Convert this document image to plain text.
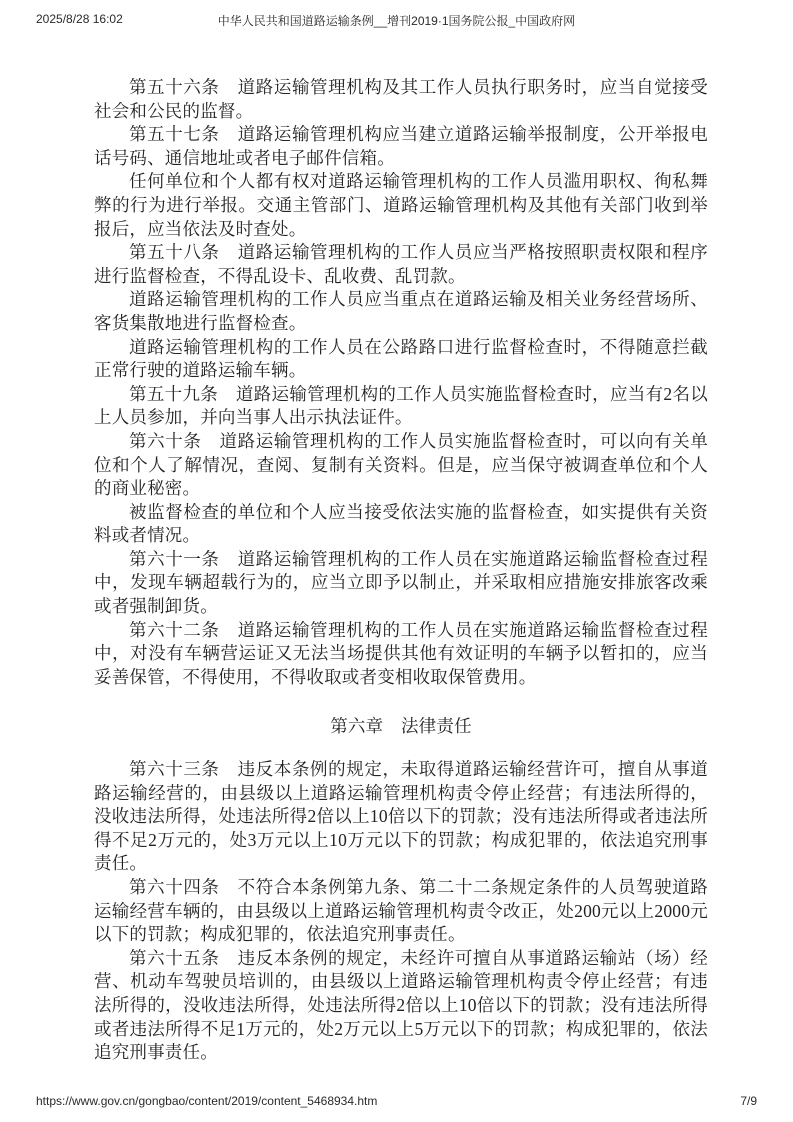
2025/8/28 16:02	中华人民共和国道路运输条例__增刊2019·1国务院公报_中国政府网

第五十六条　道路运输管理机构及其工作人员执行职务时，应当自觉接受社会和公民的监督。

第五十七条　道路运输管理机构应当建立道路运输举报制度，公开举报电话号码、通信地址或者电子邮件信箱。

任何单位和个人都有权对道路运输管理机构的工作人员滥用职权、徇私舞弊的行为进行举报。交通主管部门、道路运输管理机构及其他有关部门收到举报后，应当依法及时查处。

第五十八条　道路运输管理机构的工作人员应当严格按照职责权限和程序进行监督检查，不得乱设卡、乱收费、乱罚款。

道路运输管理机构的工作人员应当重点在道路运输及相关业务经营场所、客货集散地进行监督检查。

道路运输管理机构的工作人员在公路路口进行监督检查时，不得随意拦截正常行驶的道路运输车辆。

第五十九条　道路运输管理机构的工作人员实施监督检查时，应当有2名以上人员参加，并向当事人出示执法证件。

第六十条　道路运输管理机构的工作人员实施监督检查时，可以向有关单位和个人了解情况，查阅、复制有关资料。但是，应当保守被调查单位和个人的商业秘密。

被监督检查的单位和个人应当接受依法实施的监督检查，如实提供有关资料或者情况。

第六十一条　道路运输管理机构的工作人员在实施道路运输监督检查过程中，发现车辆超载行为的，应当立即予以制止，并采取相应措施安排旅客改乘或者强制卸货。

第六十二条　道路运输管理机构的工作人员在实施道路运输监督检查过程中，对没有车辆营运证又无法当场提供其他有效证明的车辆予以暂扣的，应当妥善保管，不得使用，不得收取或者变相收取保管费用。

第六章　法律责任

第六十三条　违反本条例的规定，未取得道路运输经营许可，擅自从事道路运输经营的，由县级以上道路运输管理机构责令停止经营；有违法所得的，没收违法所得，处违法所得2倍以上10倍以下的罚款；没有违法所得或者违法所得不足2万元的，处3万元以上10万元以下的罚款；构成犯罪的，依法追究刑事责任。

第六十四条　不符合本条例第九条、第二十二条规定条件的人员驾驶道路运输经营车辆的，由县级以上道路运输管理机构责令改正，处200元以上2000元以下的罚款；构成犯罪的，依法追究刑事责任。

第六十五条　违反本条例的规定，未经许可擅自从事道路运输站（场）经营、机动车驾驶员培训的，由县级以上道路运输管理机构责令停止经营；有违法所得的，没收违法所得，处违法所得2倍以上10倍以下的罚款；没有违法所得或者违法所得不足1万元的，处2万元以上5万元以下的罚款；构成犯罪的，依法追究刑事责任。

https://www.gov.cn/gongbao/content/2019/content_5468934.htm	7/9
